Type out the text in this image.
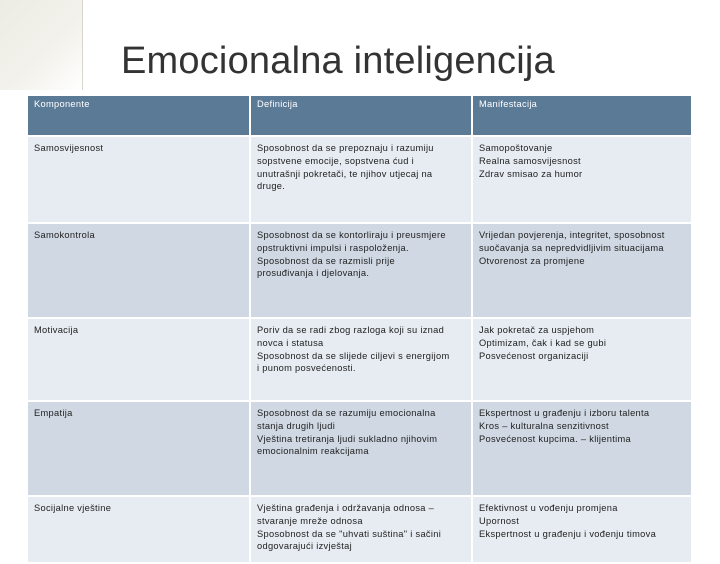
Emocionalna inteligencija
Komponente	Definicija	Manifestacija
Samosvijesnost	Sposobnost da se prepoznaju i razumiju
sopstvene emocije, sopstvena ćud i
unutrašnji pokretači, te njihov utjecaj na
druge.	Samopoštovanje
Realna samosvijesnost
Zdrav smisao za humor

Samokontrola	Sposobnost da se kontorliraju i preusmjere
opstruktivni impulsi i raspoloženja.
Sposobnost da se razmisli prije
prosuđivanja i djelovanja.	Vrijedan povjerenja, integritet, sposobnost
suočavanja sa nepredvidljivim situacijama
Otvorenost za promjene

Motivacija	Poriv da se radi zbog razloga koji su iznad
novca i statusa
Sposobnost da se slijede ciljevi s energijom
i punom posvećenosti.	Jak pokretač za uspjehom
Optimizam, čak i kad se gubi
Posvećenost organizaciji

Empatija	Sposobnost da se razumiju emocionalna
stanja drugih ljudi
Vještina tretiranja ljudi sukladno njihovim
emocionalnim reakcijama	Ekspertnost u građenju i izboru talenta
Kros – kulturalna senzitivnost
Posvećenost kupcima. – klijentima

Socijalne vještine	Vještina građenja i održavanja odnosa –
stvaranje mreže odnosa
Sposobnost da se "uhvati suština" i sačini
odgovarajući izvještaj	Efektivnost u vođenju promjena
Upornost
Ekspertnost u građenju i vođenju timova
